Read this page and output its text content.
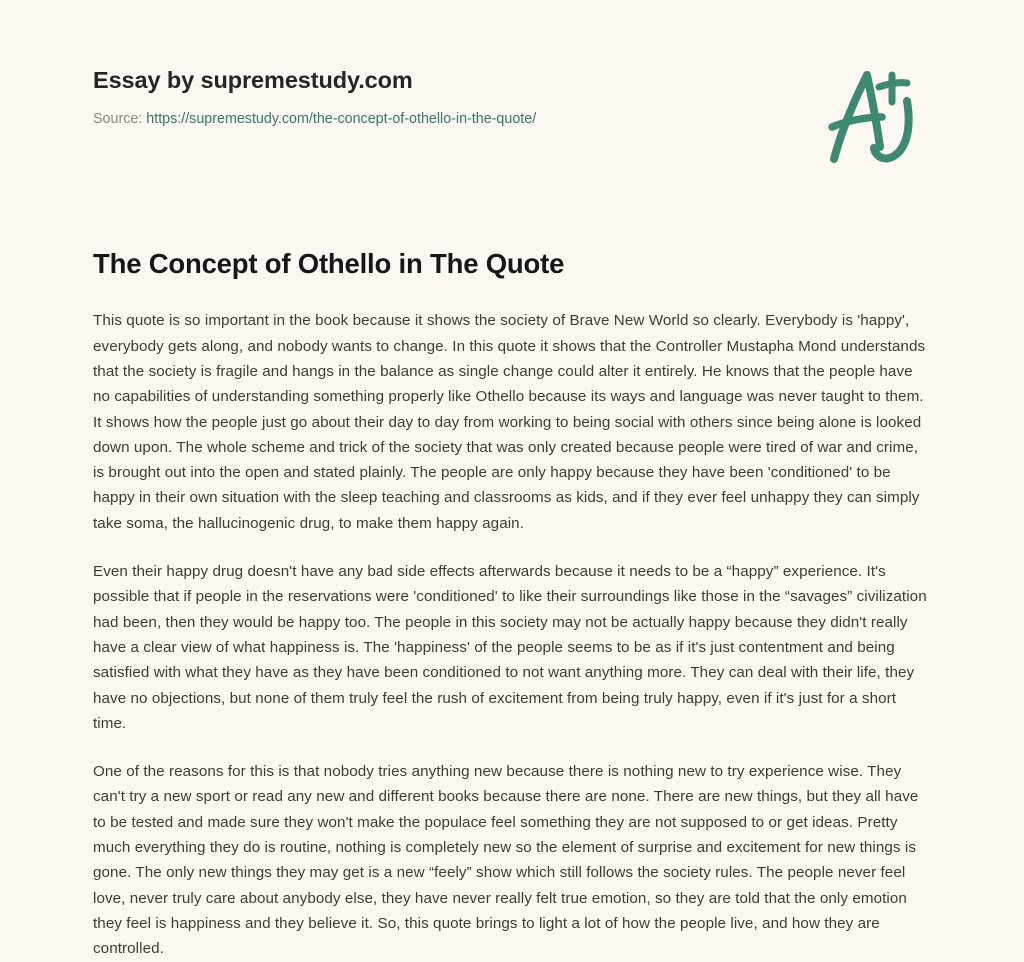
Essay by supremestudy.com
Source: https://supremestudy.com/the-concept-of-othello-in-the-quote/
The Concept of Othello in The Quote

This quote is so important in the book because it shows the society of Brave New World so clearly. Everybody is 'happy', everybody gets along, and nobody wants to change. In this quote it shows that the Controller Mustapha Mond understands that the society is fragile and hangs in the balance as single change could alter it entirely. He knows that the people have no capabilities of understanding something properly like Othello because its ways and language was never taught to them. It shows how the people just go about their day to day from working to being social with others since being alone is looked down upon. The whole scheme and trick of the society that was only created because people were tired of war and crime, is brought out into the open and stated plainly. The people are only happy because they have been 'conditioned' to be happy in their own situation with the sleep teaching and classrooms as kids, and if they ever feel unhappy they can simply take soma, the hallucinogenic drug, to make them happy again.

Even their happy drug doesn't have any bad side effects afterwards because it needs to be a “happy” experience. It's possible that if people in the reservations were 'conditioned' to like their surroundings like those in the “savages” civilization had been, then they would be happy too. The people in this society may not be actually happy because they didn't really have a clear view of what happiness is. The 'happiness' of the people seems to be as if it's just contentment and being satisfied with what they have as they have been conditioned to not want anything more. They can deal with their life, they have no objections, but none of them truly feel the rush of excitement from being truly happy, even if it's just for a short time.

One of the reasons for this is that nobody tries anything new because there is nothing new to try experience wise. They can't try a new sport or read any new and different books because there are none. There are new things, but they all have to be tested and made sure they won't make the populace feel something they are not supposed to or get ideas. Pretty much everything they do is routine, nothing is completely new so the element of surprise and excitement for new things is gone. The only new things they may get is a new “feely” show which still follows the society rules. The people never feel love, never truly care about anybody else, they have never really felt true emotion, so they are told that the only emotion they feel is happiness and they believe it. So, this quote brings to light a lot of how the people live, and how they are controlled.
